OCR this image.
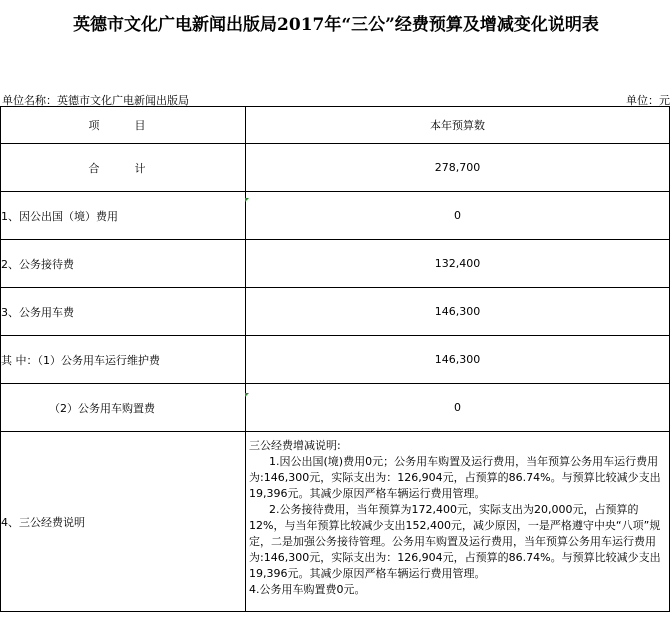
英德市文化广电新闻出版局2017年“三公”经费预算及增减变化说明表
单位名称：英德市文化广电新闻出版局	单位：元
项　目	本年预算数
合　计	278,700
1、因公出国（境）费用	0
2、公务接待费	132,400
3、公务用车费	146,300
其 中：（1）公务用车运行维护费	146,300
（2）公务用车购置费	0
4、三公经费说明	三公经费增减说明:

1.因公出国(境)费用0元；公务用车购置及运行费用，当年预算公务用车运行费用为:146,300元，实际支出为：126,904元，占预算的86.74%。与预算比较减少支出19,396元。其减少原因严格车辆运行费用管理。

2.公务接待费用，当年预算为172,400元，实际支出为20,000元，占预算的12%，与当年预算比较减少支出152,400元，减少原因，一是严格遵守中央“八项”规定，二是加强公务接待管理。公务用车购置及运行费用，当年预算公务用车运行费用为:146,300元，实际支出为：126,904元，占预算的86.74%。与预算比较减少支出19,396元。其减少原因严格车辆运行费用管理。

4.公务用车购置费0元。
